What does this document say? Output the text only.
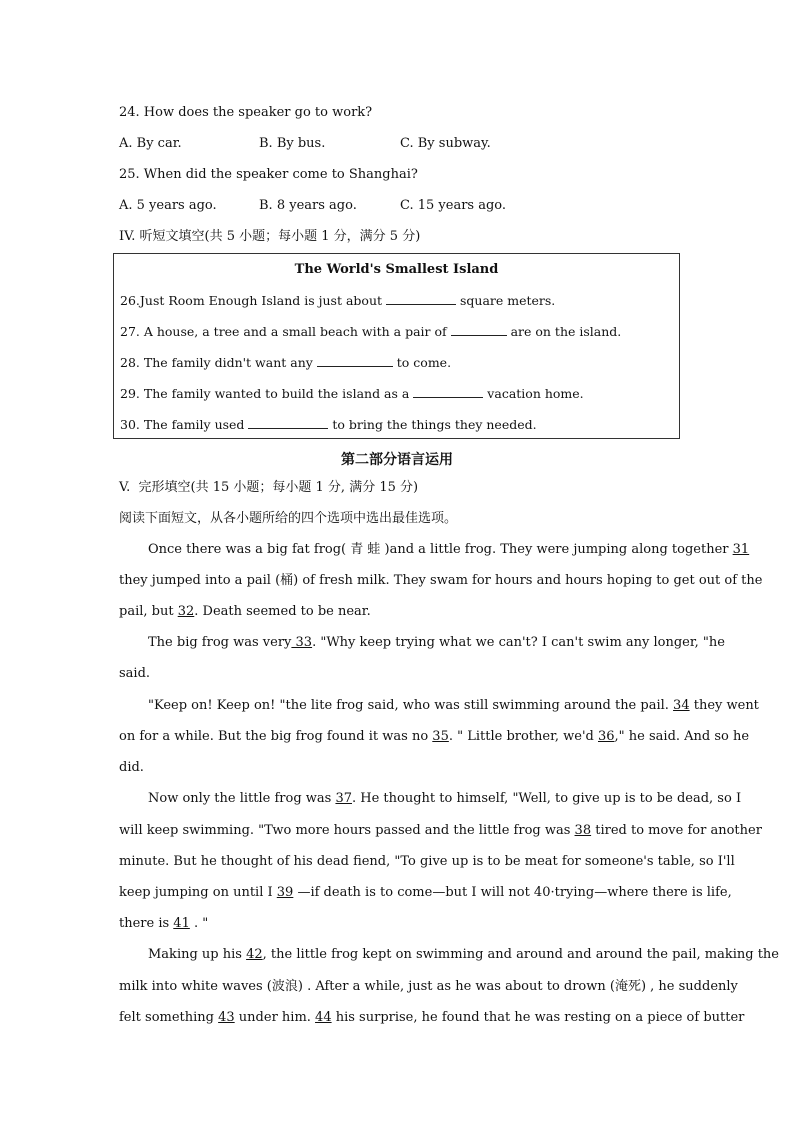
24. How does the speaker go to work?
A. By car.	B. By bus.	C. By subway.
25. When did the speaker come to Shanghai?
A. 5 years ago.	B. 8 years ago.	C. 15 years ago.
IV. 听短文填空(共 5 小题；每小题 1 分，满分 5 分)
The World's Smallest Island
26.Just Room Enough Island is just about	square meters.
27. A house, a tree and a small beach with a pair of	are on the island.
28. The family didn't want any	to come.
29. The family wanted to build the island as a	vacation home.
30. The family used	to bring the things they needed.
第二部分语言运用
V.  完形填空(共 15 小题；每小题 1 分, 满分 15 分)
阅读下面短文，从各小题所给的四个选项中选出最佳选项。
Once there was a big fat frog( 青 蛙 )and a little frog. They were jumping along together 31
they jumped into a pail (桶) of fresh milk. They swam for hours and hours hoping to get out of the
pail, but 32. Death seemed to be near.
The big frog was very 33. "Why keep trying what we can't? I can't swim any longer, "he
said.
"Keep on! Keep on! "the lite frog said, who was still swimming around the pail. 34 they went
on for a while. But the big frog found it was no 35. " Little brother, we'd 36," he said. And so he
did.
Now only the little frog was 37. He thought to himself, "Well, to give up is to be dead, so I
will keep swimming. "Two more hours passed and the little frog was 38 tired to move for another
minute. But he thought of his dead fiend, "To give up is to be meat for someone's table, so I'll
keep jumping on until I 39 —if death is to come—but I will not 40·trying—where there is life,
there is 41 . "
Making up his 42, the little frog kept on swimming and around and around the pail, making the
milk into white waves (波浪) . After a while, just as he was about to drown (淹死) , he suddenly
felt something 43 under him. 44 his surprise, he found that he was resting on a piece of butter
